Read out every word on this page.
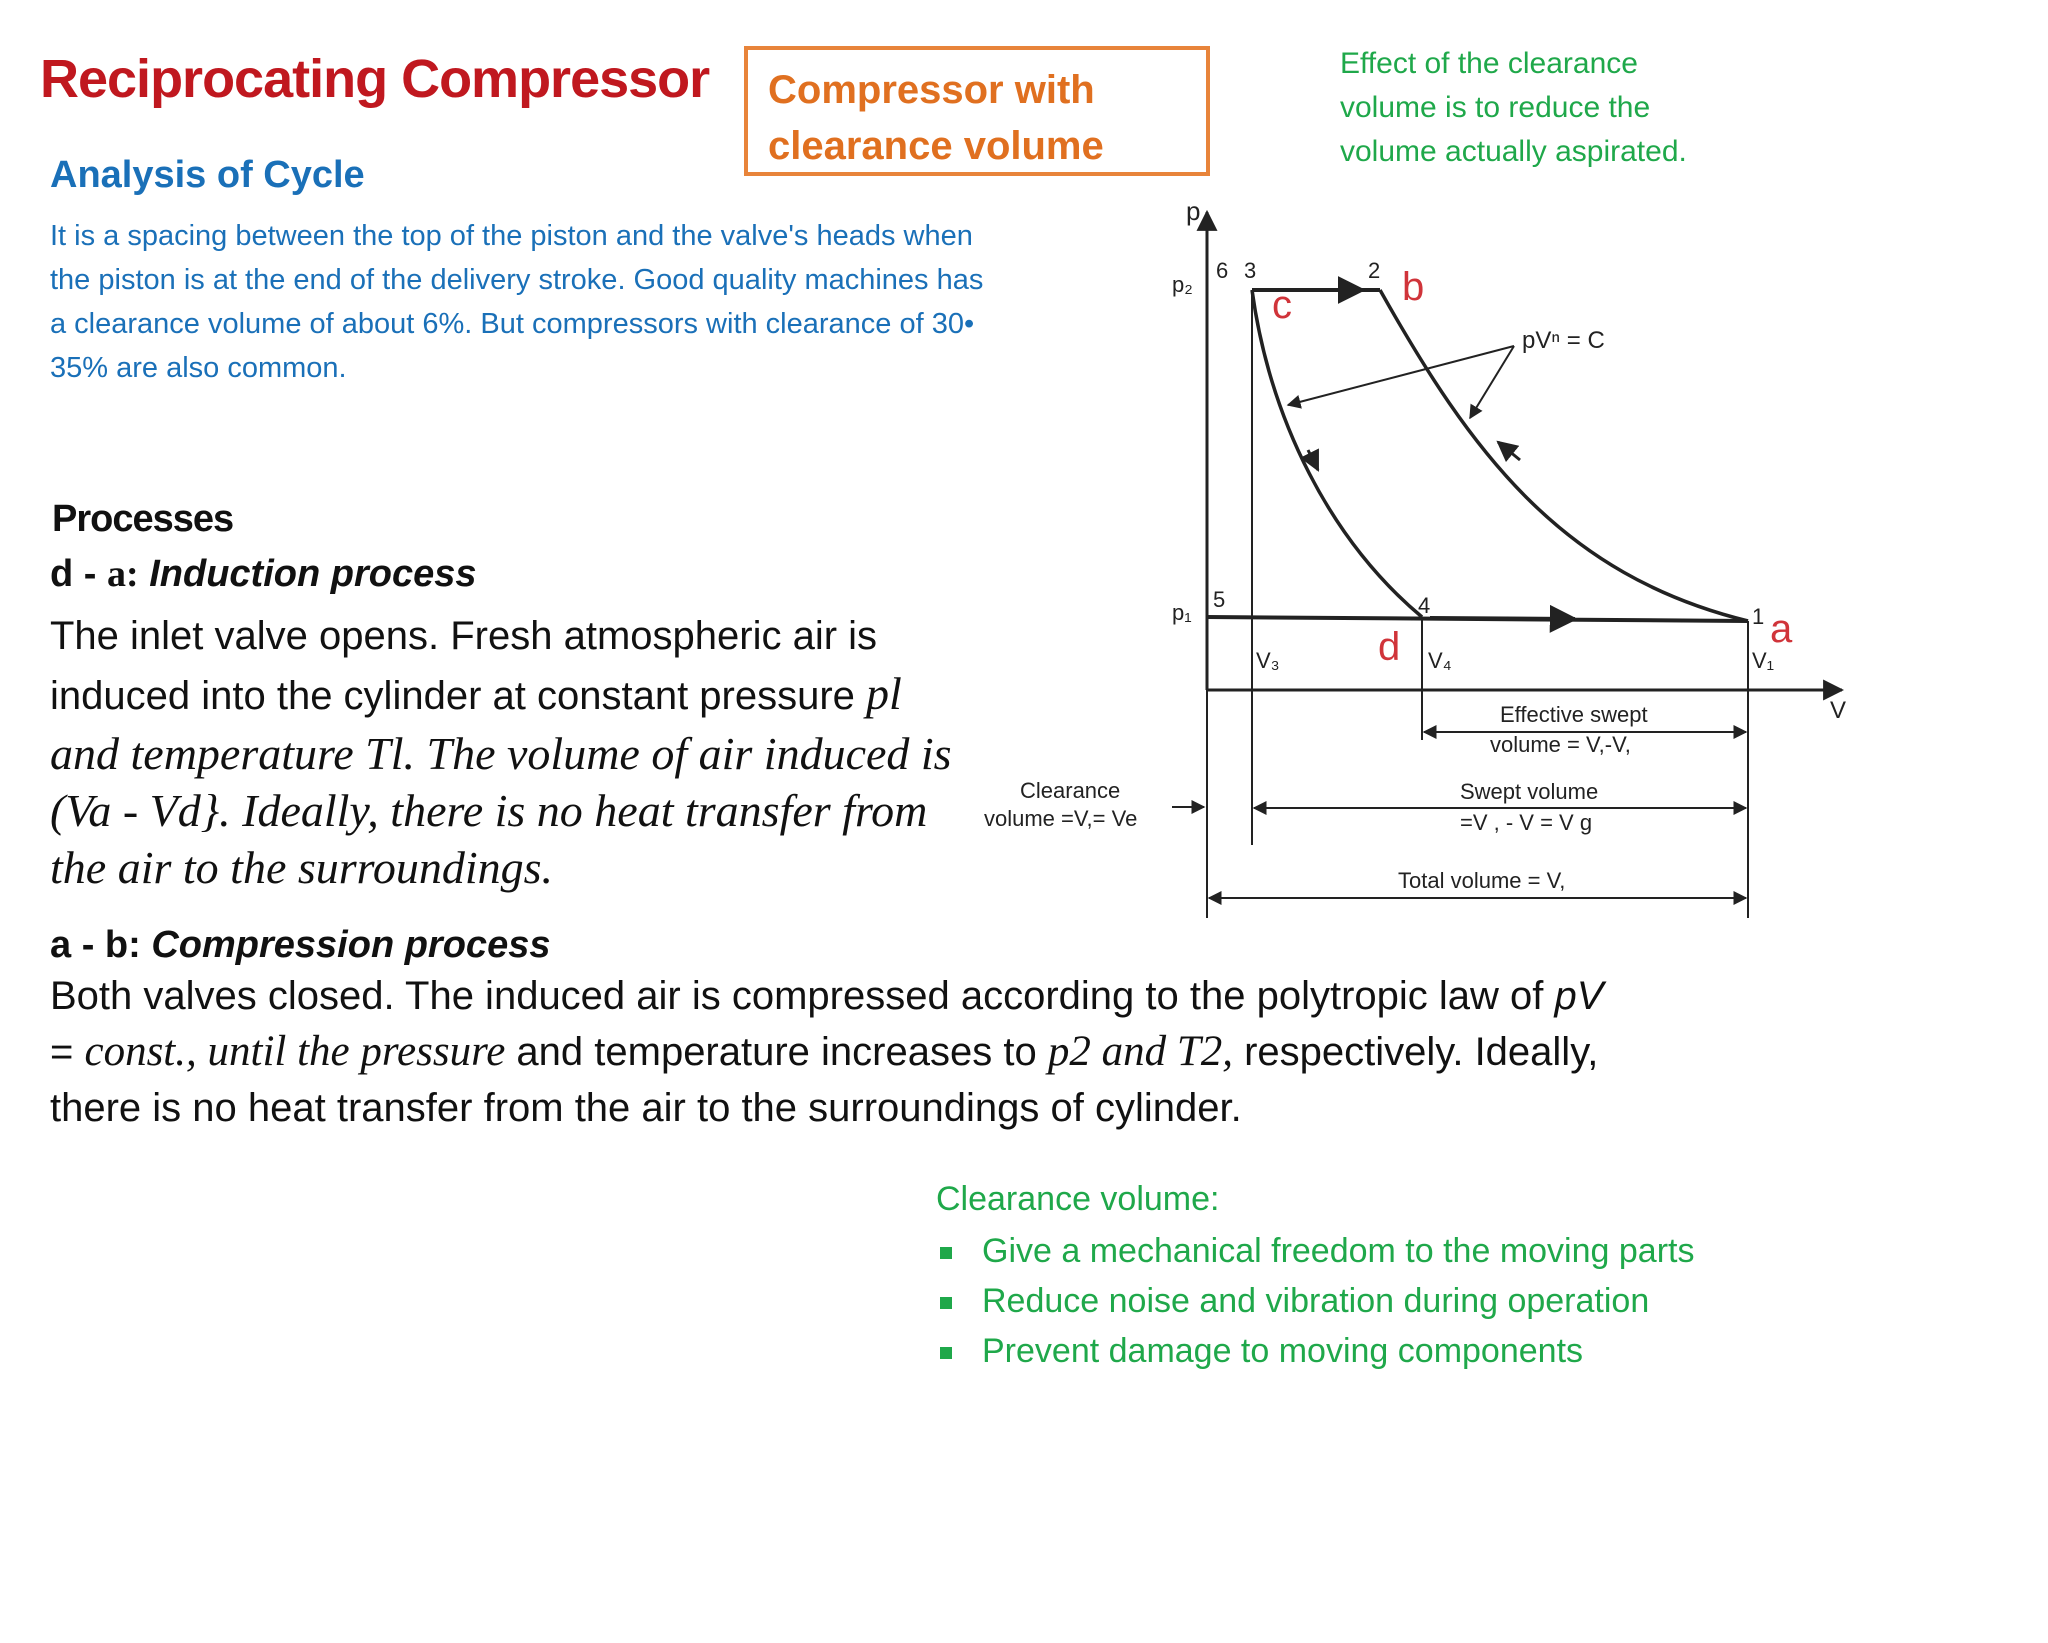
Reciprocating Compressor Compressor with
clearance volume
Effect of the clearance
volume is to reduce the
volume actually aspirated.
Analysis of Cycle
It is a spacing between the top of the piston and the valve's heads when
the piston is at the end of the delivery stroke. Good quality machines has
a clearance volume of about 6%. But compressors with clearance of 30•
35% are also common.
Processes
d - a: Induction process
The inlet valve opens. Fresh atmospheric air is
induced into the cylinder at constant pressure pl
and temperature Tl. The volume of air induced is
(Va - Vd}. Ideally, there is no heat transfer from
the air to the surroundings.
a - b: Compression process
Both valves closed. The induced air is compressed according to the polytropic law of pV
= const., until the pressure and temperature increases to p2 and T2, respectively. Ideally,
there is no heat transfer from the air to the surroundings of cylinder.
Clearance volume:
Give a mechanical freedom to the moving parts
Reduce noise and vibration during operation
Prevent damage to moving components
p
V
pVⁿ = C
p₂
p₁
6 3	2
5	4	1
b
c
d	a
V₃	V₄	V₁
Effective swept
volume = V,-V,
Swept volume
=V , - V = V g
Clearance
volume =V,= Ve
Total volume = V,
